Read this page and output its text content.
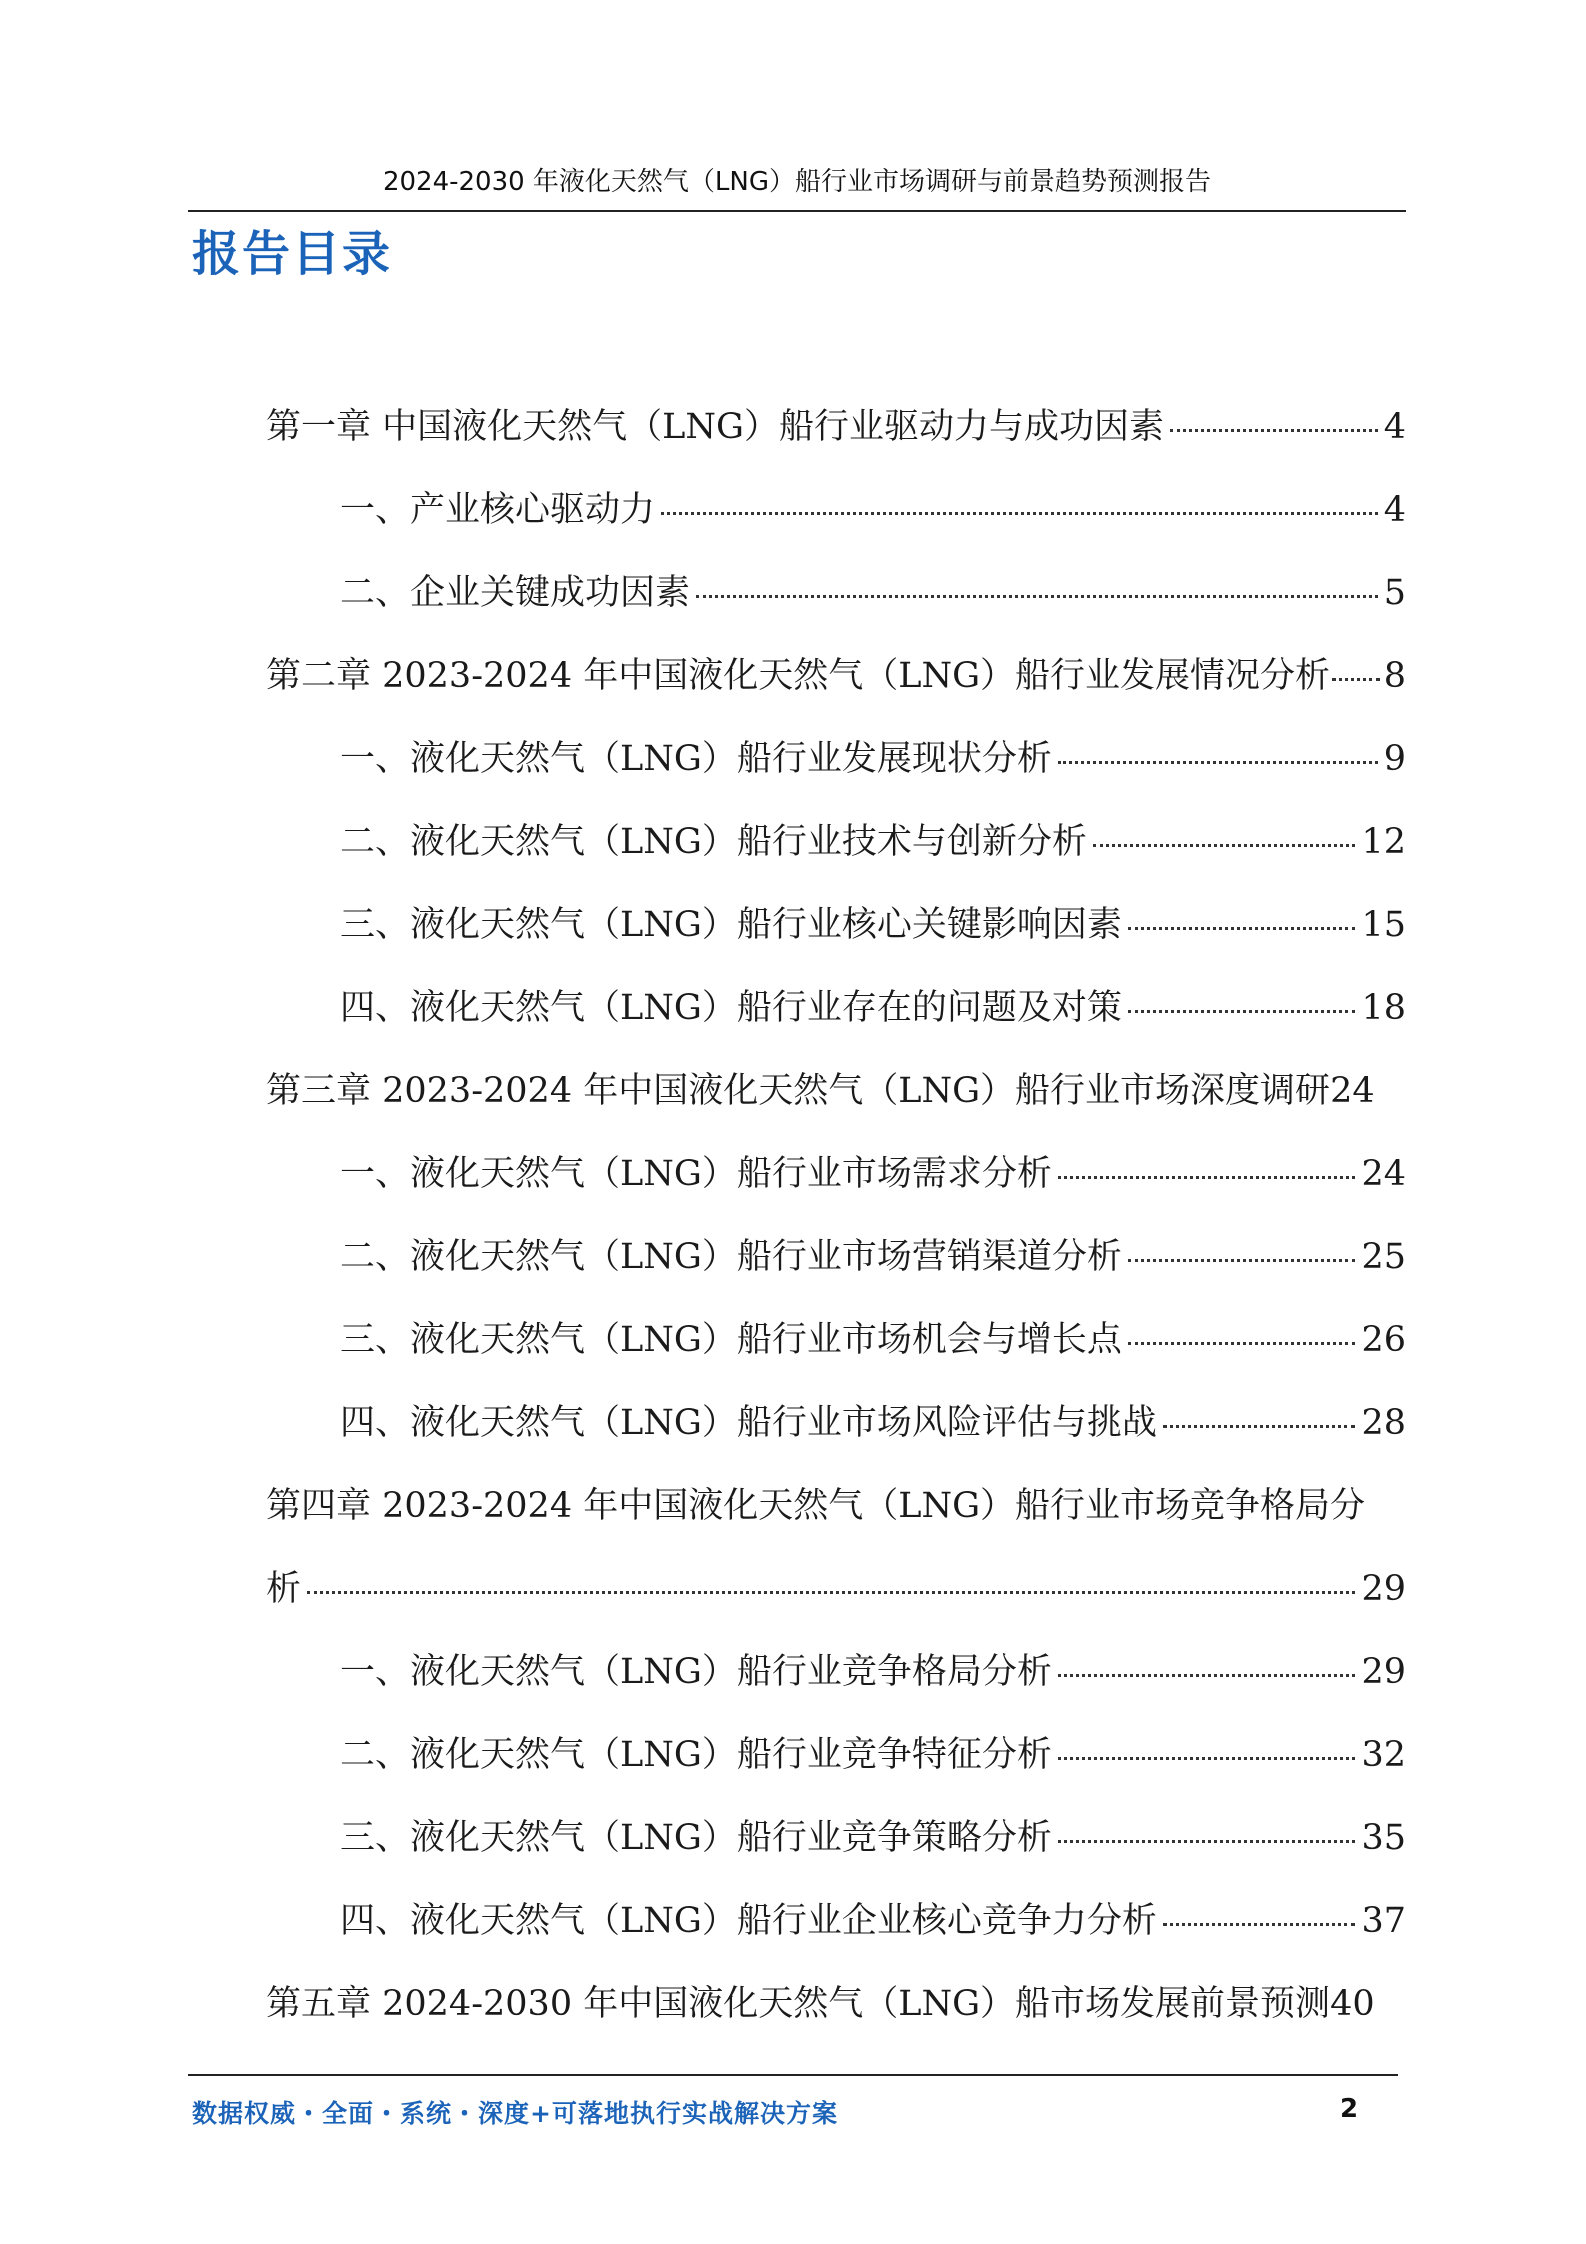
2024-2030 年液化天然气（LNG）船行业市场调研与前景趋势预测报告
报告目录
第一章 中国液化天然气（LNG）船行业驱动力与成功因素	4
一、产业核心驱动力	4
二、企业关键成功因素	5
第二章 2023-2024 年中国液化天然气（LNG）船行业发展情况分析 8
一、液化天然气（LNG）船行业发展现状分析	9
二、液化天然气（LNG）船行业技术与创新分析	12
三、液化天然气（LNG）船行业核心关键影响因素	15
四、液化天然气（LNG）船行业存在的问题及对策	18
第三章 2023-2024 年中国液化天然气（LNG）船行业市场深度调研 24
一、液化天然气（LNG）船行业市场需求分析	24
二、液化天然气（LNG）船行业市场营销渠道分析	25
三、液化天然气（LNG）船行业市场机会与增长点	26
四、液化天然气（LNG）船行业市场风险评估与挑战	28
第四章 2023-2024 年中国液化天然气（LNG）船行业市场竞争格局分
析	29
一、液化天然气（LNG）船行业竞争格局分析	29
二、液化天然气（LNG）船行业竞争特征分析	32
三、液化天然气（LNG）船行业竞争策略分析	35
四、液化天然气（LNG）船行业企业核心竞争力分析	37
第五章 2024-2030 年中国液化天然气（LNG）船市场发展前景预测 40
数据权威・全面・系统・深度+可落地执行实战解决方案	2
